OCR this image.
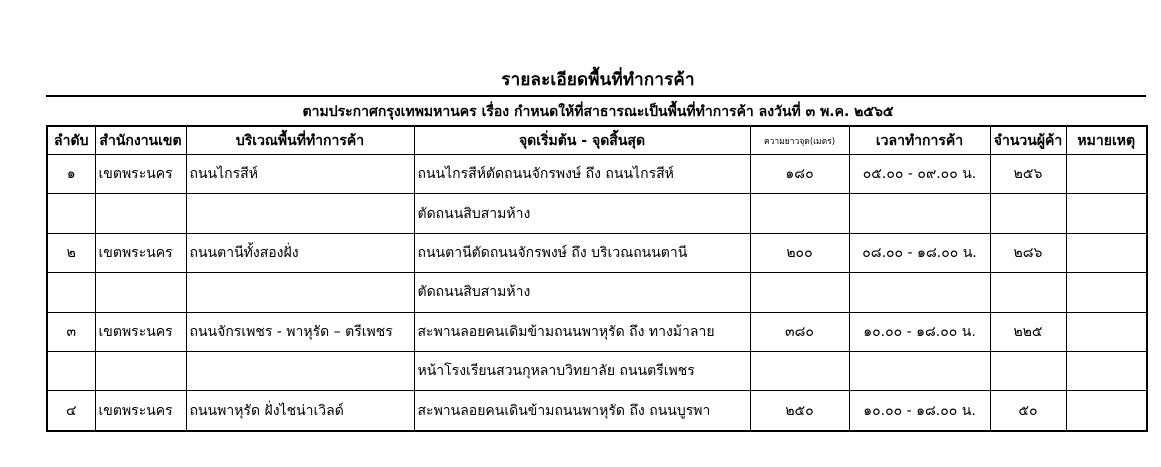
รายละเอียดพื้นที่ทำการค้า
ตามประกาศกรุงเทพมหานคร เรื่อง กำหนดให้ที่สาธารณะเป็นพื้นที่ทำการค้า ลงวันที่ ๓ พ.ค. ๒๕๖๕
ลำดับ	สำนักงานเขต	บริเวณพื้นที่ทำการค้า	จุดเริ่มต้น - จุดสิ้นสุด	ความยาวจุด(เมตร)	เวลาทำการค้า	จำนวนผู้ค้า	หมายเหตุ
๑	เขตพระนคร	ถนนไกรสีห์	ถนนไกรสีห์ตัดถนนจักรพงษ์ ถึง ถนนไกรสีห์	๑๘๐	๐๕.๐๐ - ๐๙.๐๐ น.	๒๕๖	
			ตัดถนนสิบสามห้าง				
๒	เขตพระนคร	ถนนตานีทั้งสองฝั่ง	ถนนตานีตัดถนนจักรพงษ์ ถึง บริเวณถนนตานี	๒๐๐	๐๘.๐๐ - ๑๘.๐๐ น.	๒๘๖	
			ตัดถนนสิบสามห้าง				
๓	เขตพระนคร	ถนนจักรเพชร - พาหุรัด – ตรีเพชร	สะพานลอยคนเดิมข้ามถนนพาหุรัด ถึง ทางม้าลาย	๓๘๐	๑๐.๐๐ - ๑๘.๐๐ น.	๒๒๕	
			หน้าโรงเรียนสวนกุหลาบวิทยาลัย ถนนตรีเพชร				
๔	เขตพระนคร	ถนนพาหุรัด ฝั่งไชน่าเวิลด์	สะพานลอยคนเดินข้ามถนนพาหุรัด ถึง ถนนบูรพา	๒๕๐	๑๐.๐๐ - ๑๘.๐๐ น.	๕๐	
